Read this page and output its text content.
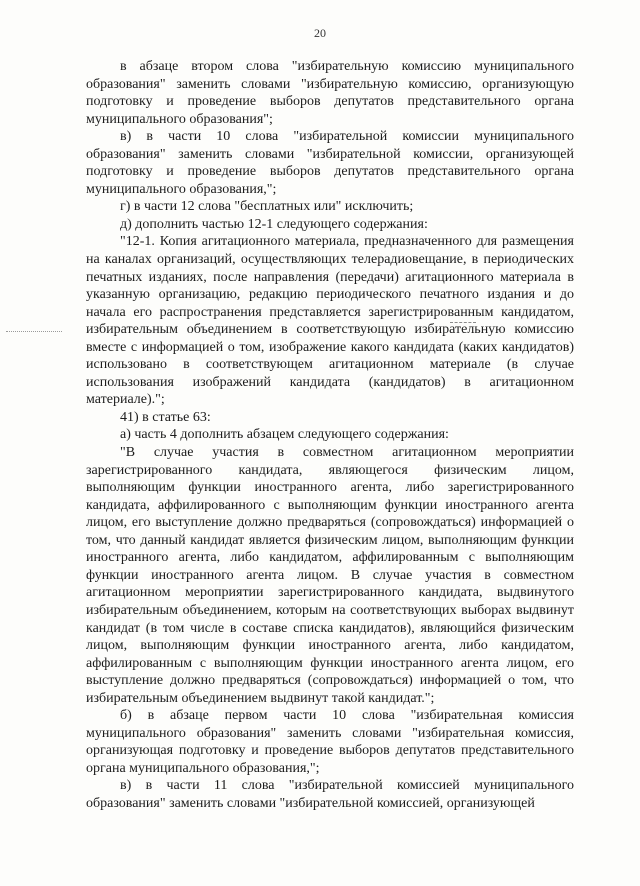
20

в абзаце втором слова "избирательную комиссию муниципального образования" заменить словами "избирательную комиссию, организующую подготовку и проведение выборов депутатов представительного органа муниципального образования";

в) в части 10 слова "избирательной комиссии муниципального образования" заменить словами "избирательной комиссии, организующей подготовку и проведение выборов депутатов представительного органа муниципального образования,";

г) в части 12 слова "бесплатных или" исключить;

д) дополнить частью 12-1 следующего содержания:

"12-1. Копия агитационного материала, предназначенного для размещения на каналах организаций, осуществляющих телерадиовещание, в периодических печатных изданиях, после направления (передачи) агитационного материала в указанную организацию, редакцию периодического печатного издания и до начала его распространения представляется зарегистрированным кандидатом, избирательным объединением в соответствующую избирательную комиссию вместе с информацией о том, изображение какого кандидата (каких кандидатов) использовано в соответствующем агитационном материале (в случае использования изображений кандидата (кандидатов) в агитационном материале).";

41) в статье 63:

а) часть 4 дополнить абзацем следующего содержания:

"В случае участия в совместном агитационном мероприятии зарегистрированного кандидата, являющегося физическим лицом, выполняющим функции иностранного агента, либо зарегистрированного кандидата, аффилированного с выполняющим функции иностранного агента лицом, его выступление должно предваряться (сопровождаться) информацией о том, что данный кандидат является физическим лицом, выполняющим функции иностранного агента, либо кандидатом, аффилированным с выполняющим функции иностранного агента лицом. В случае участия в совместном агитационном мероприятии зарегистрированного кандидата, выдвинутого избирательным объединением, которым на соответствующих выборах выдвинут кандидат (в том числе в составе списка кандидатов), являющийся физическим лицом, выполняющим функции иностранного агента, либо кандидатом, аффилированным с выполняющим функции иностранного агента лицом, его выступление должно предваряться (сопровождаться) информацией о том, что избирательным объединением выдвинут такой кандидат.";

б) в абзаце первом части 10 слова "избирательная комиссия муниципального образования" заменить словами "избирательная комиссия, организующая подготовку и проведение выборов депутатов представительного органа муниципального образования,";

в) в части 11 слова "избирательной комиссией муниципального образования" заменить словами "избирательной комиссией, организующей
